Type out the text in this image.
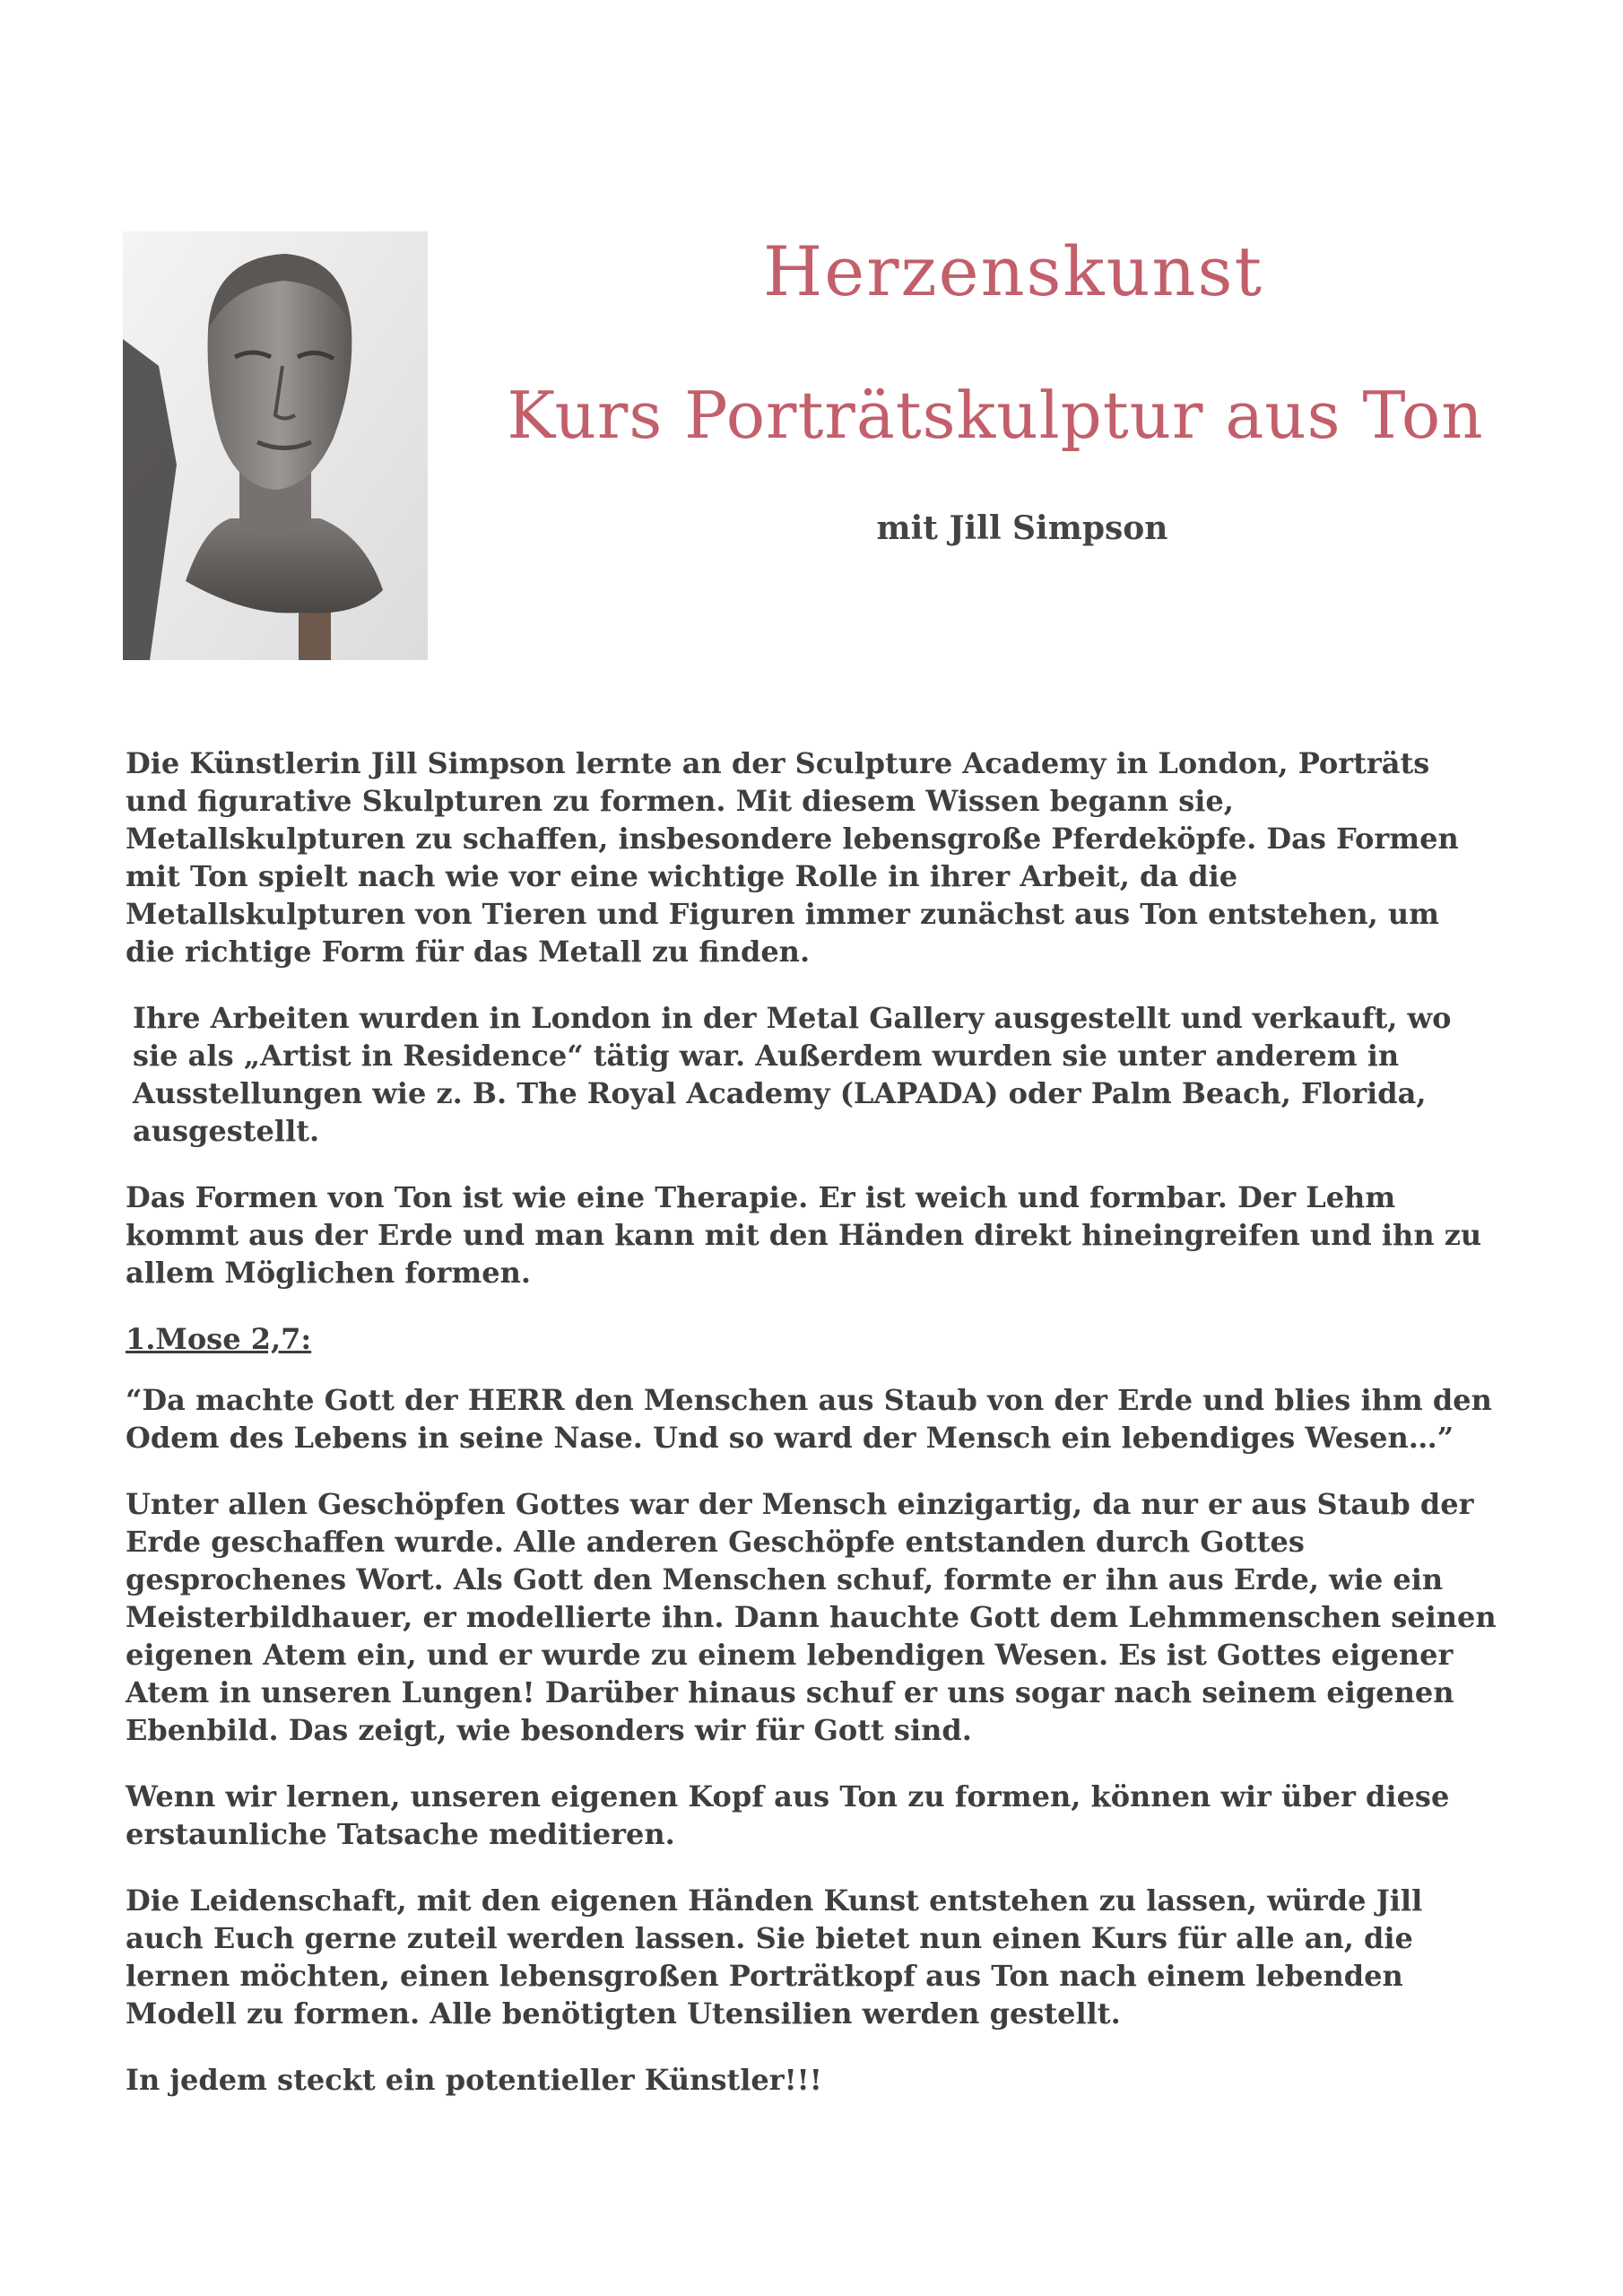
Herzenskunst
Kurs Porträtskulptur aus Ton

mit Jill Simpson

Die Künstlerin Jill Simpson lernte an der Sculpture Academy in London, Porträts und figurative Skulpturen zu formen. Mit diesem Wissen begann sie, Metallskulpturen zu schaffen, insbesondere lebensgroße Pferdeköpfe. Das Formen mit Ton spielt nach wie vor eine wichtige Rolle in ihrer Arbeit, da die Metallskulpturen von Tieren und Figuren immer zunächst aus Ton entstehen, um die richtige Form für das Metall zu finden.

Ihre Arbeiten wurden in London in der Metal Gallery ausgestellt und verkauft, wo sie als „Artist in Residence“ tätig war. Außerdem wurden sie unter anderem in Ausstellungen wie z. B. The Royal Academy (LAPADA) oder Palm Beach, Florida, ausgestellt.

Das Formen von Ton ist wie eine Therapie. Er ist weich und formbar. Der Lehm kommt aus der Erde und man kann mit den Händen direkt hineingreifen und ihn zu allem Möglichen formen.

1.Mose 2,7:

“Da machte Gott der HERR den Menschen aus Staub von der Erde und blies ihm den Odem des Lebens in seine Nase. Und so ward der Mensch ein lebendiges Wesen…”

Unter allen Geschöpfen Gottes war der Mensch einzigartig, da nur er aus Staub der Erde geschaffen wurde. Alle anderen Geschöpfe entstanden durch Gottes gesprochenes Wort. Als Gott den Menschen schuf, formte er ihn aus Erde, wie ein Meisterbildhauer, er modellierte ihn. Dann hauchte Gott dem Lehmmenschen seinen eigenen Atem ein, und er wurde zu einem lebendigen Wesen. Es ist Gottes eigener Atem in unseren Lungen! Darüber hinaus schuf er uns sogar nach seinem eigenen Ebenbild. Das zeigt, wie besonders wir für Gott sind.

Wenn wir lernen, unseren eigenen Kopf aus Ton zu formen, können wir über diese erstaunliche Tatsache meditieren.

Die Leidenschaft, mit den eigenen Händen Kunst entstehen zu lassen, würde Jill auch Euch gerne zuteil werden lassen. Sie bietet nun einen Kurs für alle an, die lernen möchten, einen lebensgroßen Porträtkopf aus Ton nach einem lebenden Modell zu formen. Alle benötigten Utensilien werden gestellt.

In jedem steckt ein potentieller Künstler!!!
